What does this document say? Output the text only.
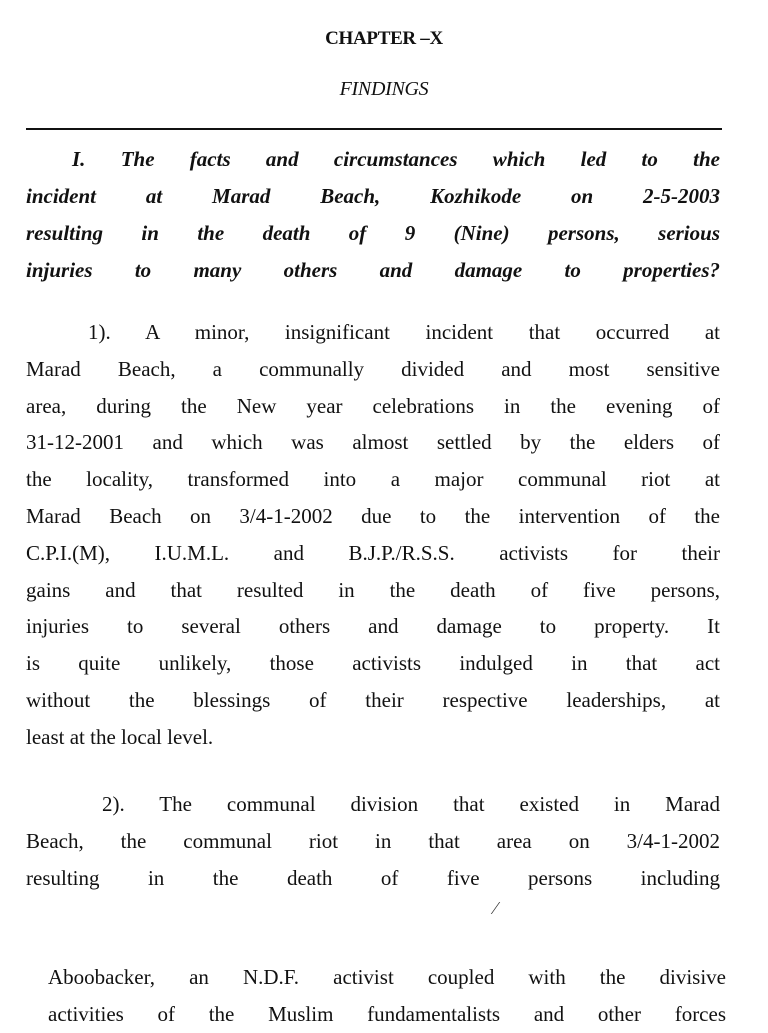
CHAPTER –X
FINDINGS
I. The facts and circumstances which led to the
incident at Marad Beach, Kozhikode on 2-5-2003
resulting in the death of 9 (Nine) persons, serious
injuries to many others and damage to properties?
1). A minor, insignificant incident that occurred at
Marad Beach, a communally divided and most sensitive
area, during the New year celebrations in the evening of
31-12-2001 and which was almost settled by the elders of
the locality, transformed into a major communal riot at
Marad Beach on 3/4-1-2002 due to the intervention of the
C.P.I.(M), I.U.M.L. and B.J.P./R.S.S. activists for their
gains and that resulted in the death of five persons,
injuries to several others and damage to property. It
is quite unlikely, those activists indulged in that act
without the blessings of their respective leaderships, at
least at the local level.
2). The communal division that existed in Marad
Beach, the communal riot in that area on 3/4-1-2002
resulting in the death of five persons including
⁄
Aboobacker, an N.D.F. activist coupled with the divisive
activities of the Muslim fundamentalists and other forces
